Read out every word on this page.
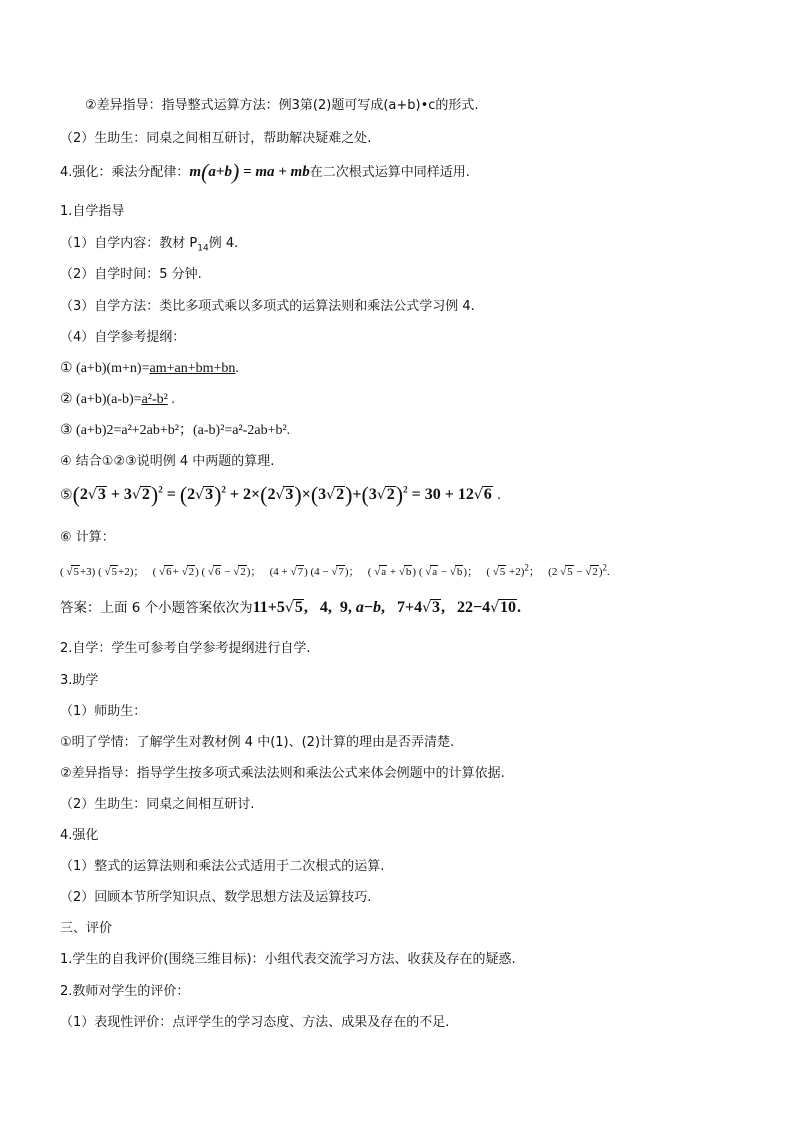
②差异指导：指导整式运算方法：例3第(2)题可写成(a+b)•c的形式.
（2）生助生：同桌之间相互研讨，帮助解决疑难之处.
4.强化：乘法分配律：m(a+b) = ma + mb在二次根式运算中同样适用.
1.自学指导
（1）自学内容：教材 $P_{14}$例 4.
（2）自学时间：5 分钟.
（3）自学方法：类比多项式乘以多项式的运算法则和乘法公式学习例 4.
（4）自学参考提纲：
① (a+b)(m+n)=am+an+bm+bn.
② (a+b)(a-b)=a²-b² .
③ (a+b)2=a²+2ab+b²；(a-b)²=a²-2ab+b².
④ 结合①②③说明例 4 中两题的算理.
⑤(2√3 + $3√2)^2 = (2√3)^2 + 2\times(2√3)\times(3√2)+(3√2)^2 = 30 + 12√6$ .
⑥ 计算：
( √5+3) ( √5+2)；   ( √6+ √2) ( √6 − √2)；   (4 + √7) (4 − √7)；   ( √a + √b) ( √a − √b)；   ( √5 +2)$^2$；   (2 √5 − √2)$^2$.
答案：上面 6 个小题答案依次为11+5√5,   4,  9, a−b,   7+4√3,   22−4√10.
2.自学：学生可参考自学参考提纲进行自学.
3.助学
（1）师助生：
①明了学情：了解学生对教材例 4 中(1)、(2)计算的理由是否弄清楚.
②差异指导：指导学生按多项式乘法法则和乘法公式来体会例题中的计算依据.
（2）生助生：同桌之间相互研讨.
4.强化
（1）整式的运算法则和乘法公式适用于二次根式的运算.
（2）回顾本节所学知识点、数学思想方法及运算技巧.
三、评价
1.学生的自我评价(围绕三维目标)：小组代表交流学习方法、收获及存在的疑惑.
2.教师对学生的评价：
（1）表现性评价：点评学生的学习态度、方法、成果及存在的不足.
